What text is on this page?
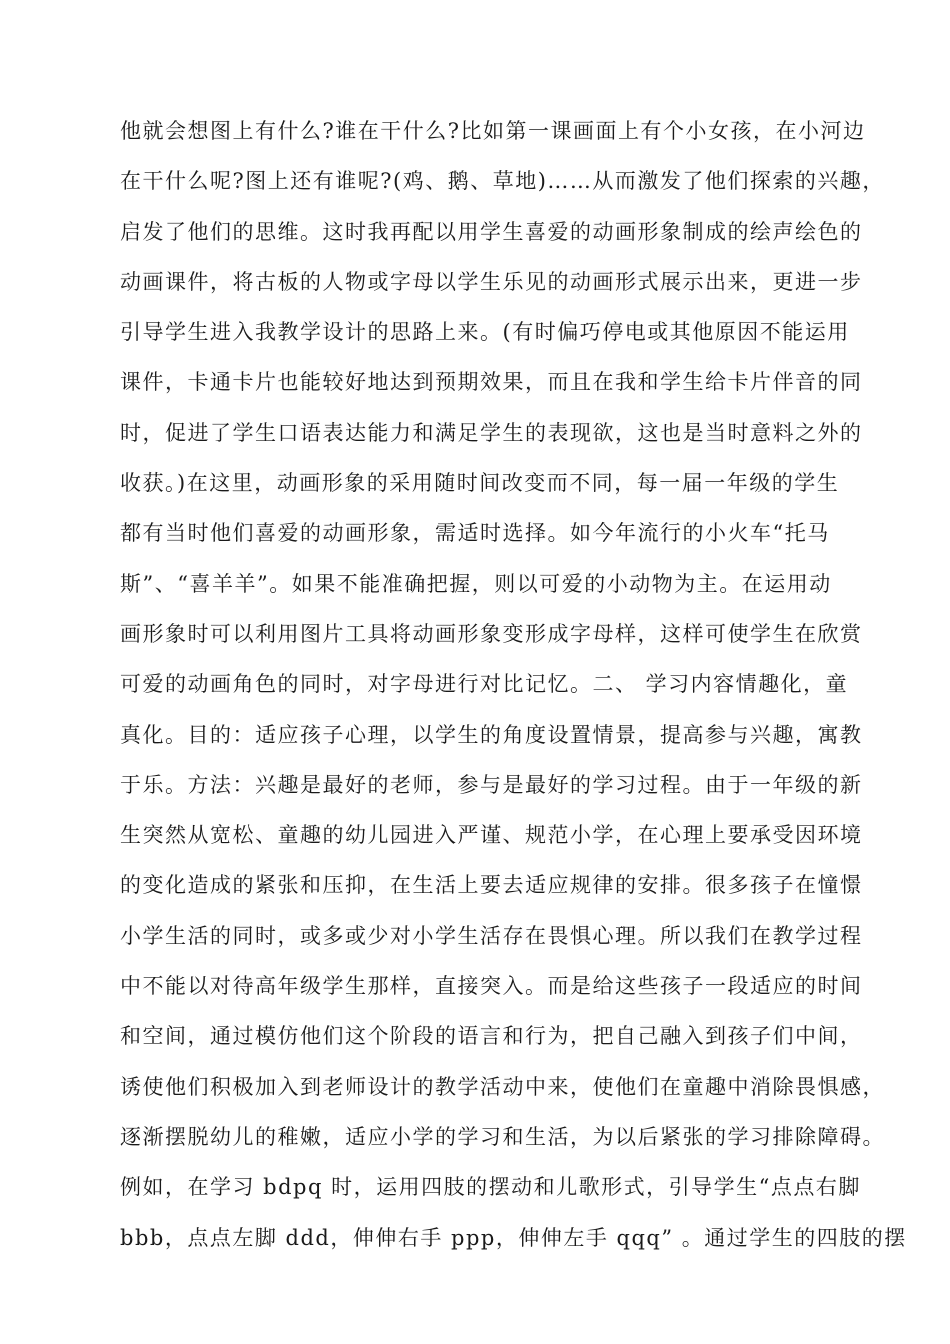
他就会想图上有什么?谁在干什么?比如第一课画面上有个小女孩，在小河边
在干什么呢?图上还有谁呢?(鸡、鹅、草地)……从而激发了他们探索的兴趣，
启发了他们的思维。这时我再配以用学生喜爱的动画形象制成的绘声绘色的
动画课件，将古板的人物或字母以学生乐见的动画形式展示出来，更进一步
引导学生进入我教学设计的思路上来。(有时偏巧停电或其他原因不能运用
课件，卡通卡片也能较好地达到预期效果，而且在我和学生给卡片伴音的同
时，促进了学生口语表达能力和满足学生的表现欲，这也是当时意料之外的
收获。)在这里，动画形象的采用随时间改变而不同，每一届一年级的学生
都有当时他们喜爱的动画形象，需适时选择。如今年流行的小火车“托马
斯”、“喜羊羊”。如果不能准确把握，则以可爱的小动物为主。在运用动
画形象时可以利用图片工具将动画形象变形成字母样，这样可使学生在欣赏
可爱的动画角色的同时，对字母进行对比记忆。二、 学习内容情趣化，童
真化。目的：适应孩子心理，以学生的角度设置情景，提高参与兴趣，寓教
于乐。方法：兴趣是最好的老师，参与是最好的学习过程。由于一年级的新
生突然从宽松、童趣的幼儿园进入严谨、规范小学，在心理上要承受因环境
的变化造成的紧张和压抑，在生活上要去适应规律的安排。很多孩子在憧憬
小学生活的同时，或多或少对小学生活存在畏惧心理。所以我们在教学过程
中不能以对待高年级学生那样，直接突入。而是给这些孩子一段适应的时间
和空间，通过模仿他们这个阶段的语言和行为，把自己融入到孩子们中间，
诱使他们积极加入到老师设计的教学活动中来，使他们在童趣中消除畏惧感，
逐渐摆脱幼儿的稚嫩，适应小学的学习和生活，为以后紧张的学习排除障碍。
例如，在学习 bdpq 时，运用四肢的摆动和儿歌形式，引导学生“点点右脚
bbb，点点左脚 ddd，伸伸右手 ppp，伸伸左手 qqq” 。通过学生的四肢的摆
